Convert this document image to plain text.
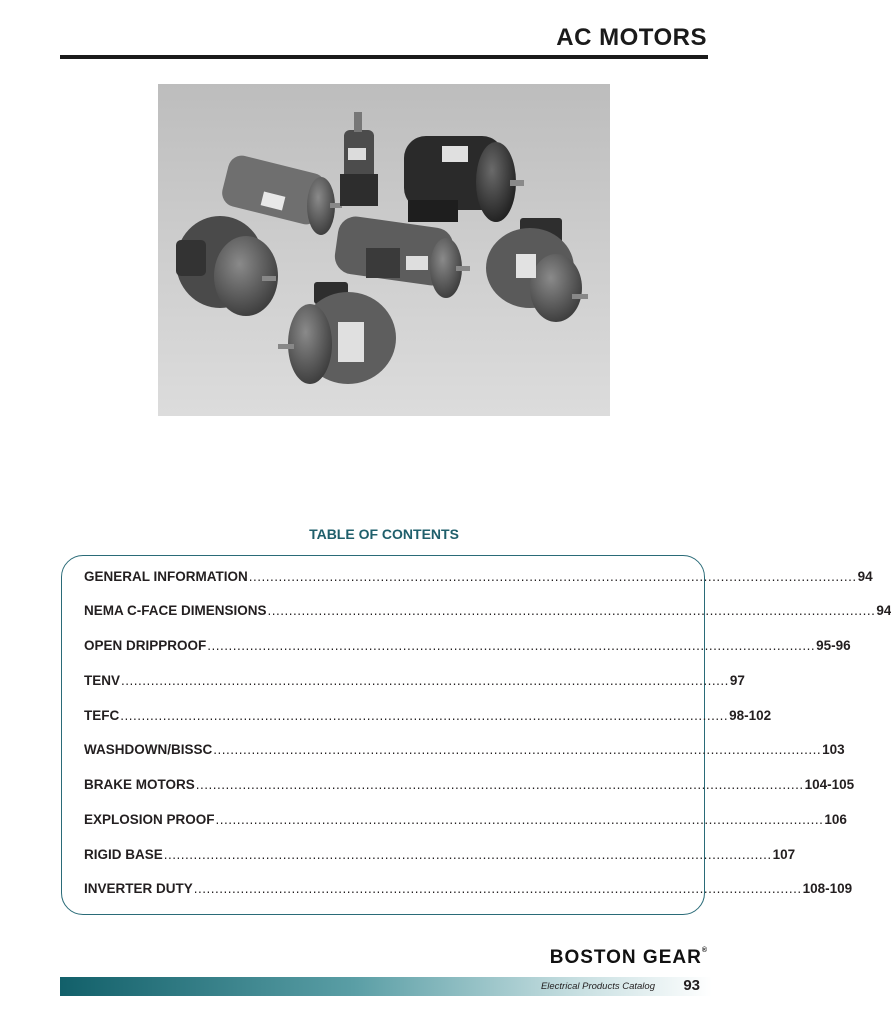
AC MOTORS
TABLE OF CONTENTS
GENERAL INFORMATION ............................................................................................................................................... 94
NEMA C-FACE DIMENSIONS ............................................................................................................................................... 94
OPEN DRIPPROOF ............................................................................................................................................... 95-96
TENV ............................................................................................................................................... 97
TEFC ............................................................................................................................................... 98-102
WASHDOWN/BISSC ............................................................................................................................................... 103
BRAKE MOTORS ............................................................................................................................................... 104-105
EXPLOSION PROOF ............................................................................................................................................... 106
RIGID BASE ............................................................................................................................................... 107
INVERTER DUTY ............................................................................................................................................... 108-109
BOSTON GEAR®
Electrical Products Catalog 93
